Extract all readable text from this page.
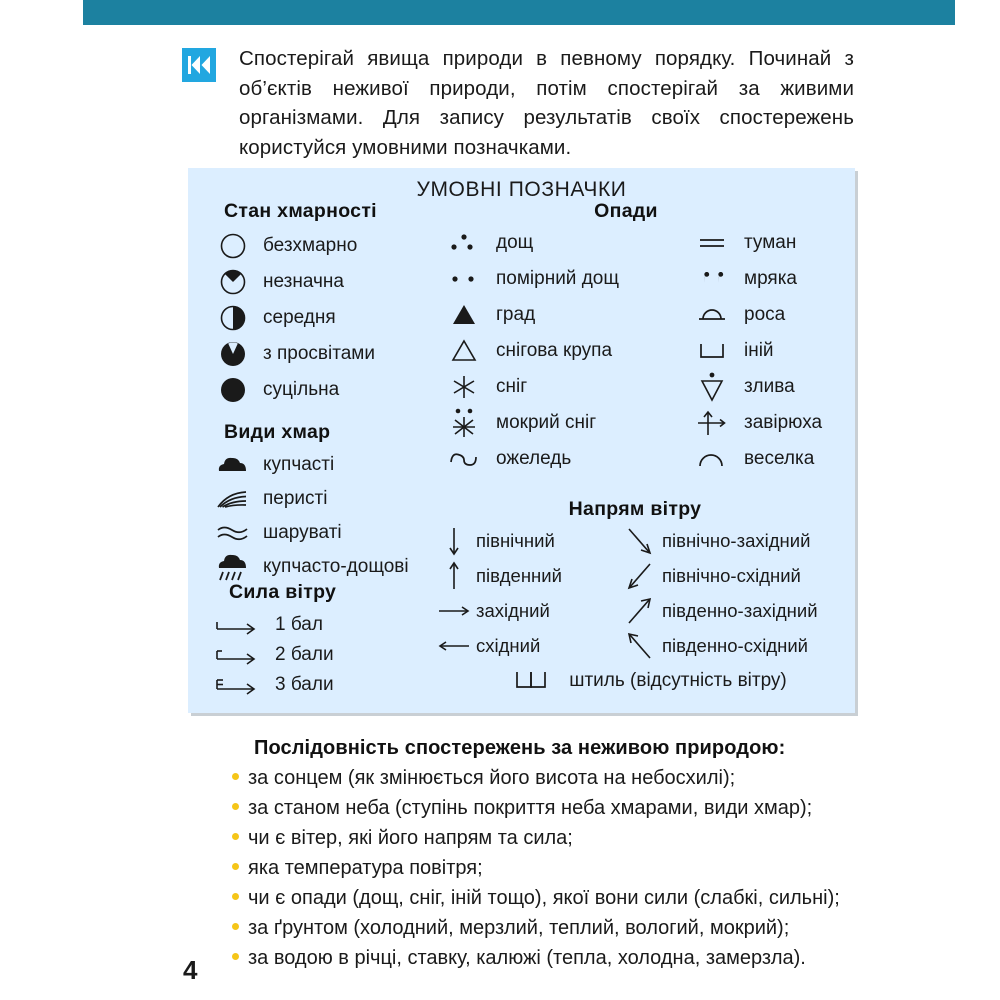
Спостерігай явища природи в певному порядку. Починай з об’єктів неживої природи, потім спостерігай за живими організмами. Для запису результатів своїх спостережень користуйся умовними позначками.
УМОВНІ ПОЗНАЧКИ
Стан хмарності
безхмарно
незначна
середня
з просвітами
суцільна
Види хмар
купчасті
перисті
шаруваті
купчасто-дощові
Сила вітру
1 бал
2 бали
3 бали
Опади
дощ
помірний дощ
град
снігова крупа
сніг
мокрий сніг
ожеледь
туман
мряка
роса
іній
злива
завірюха
веселка
Напрям вітру
північний
південний
західний
східний
північно-західний
північно-східний
південно-західний
південно-східний
штиль (відсутність вітру)
Послідовність спостережень за неживою природою:
за сонцем (як змінюється його висота на небосхилі);
за станом неба (ступінь покриття неба хмарами, види хмар);
чи є вітер, які його напрям та сила;
яка температура повітря;
чи є опади (дощ, сніг, іній тощо), якої вони сили (слабкі, сильні);
за ґрунтом (холодний, мерзлий, теплий, вологий, мокрий);
за водою в річці, ставку, калюжі (тепла, холодна, замерзла).
4
